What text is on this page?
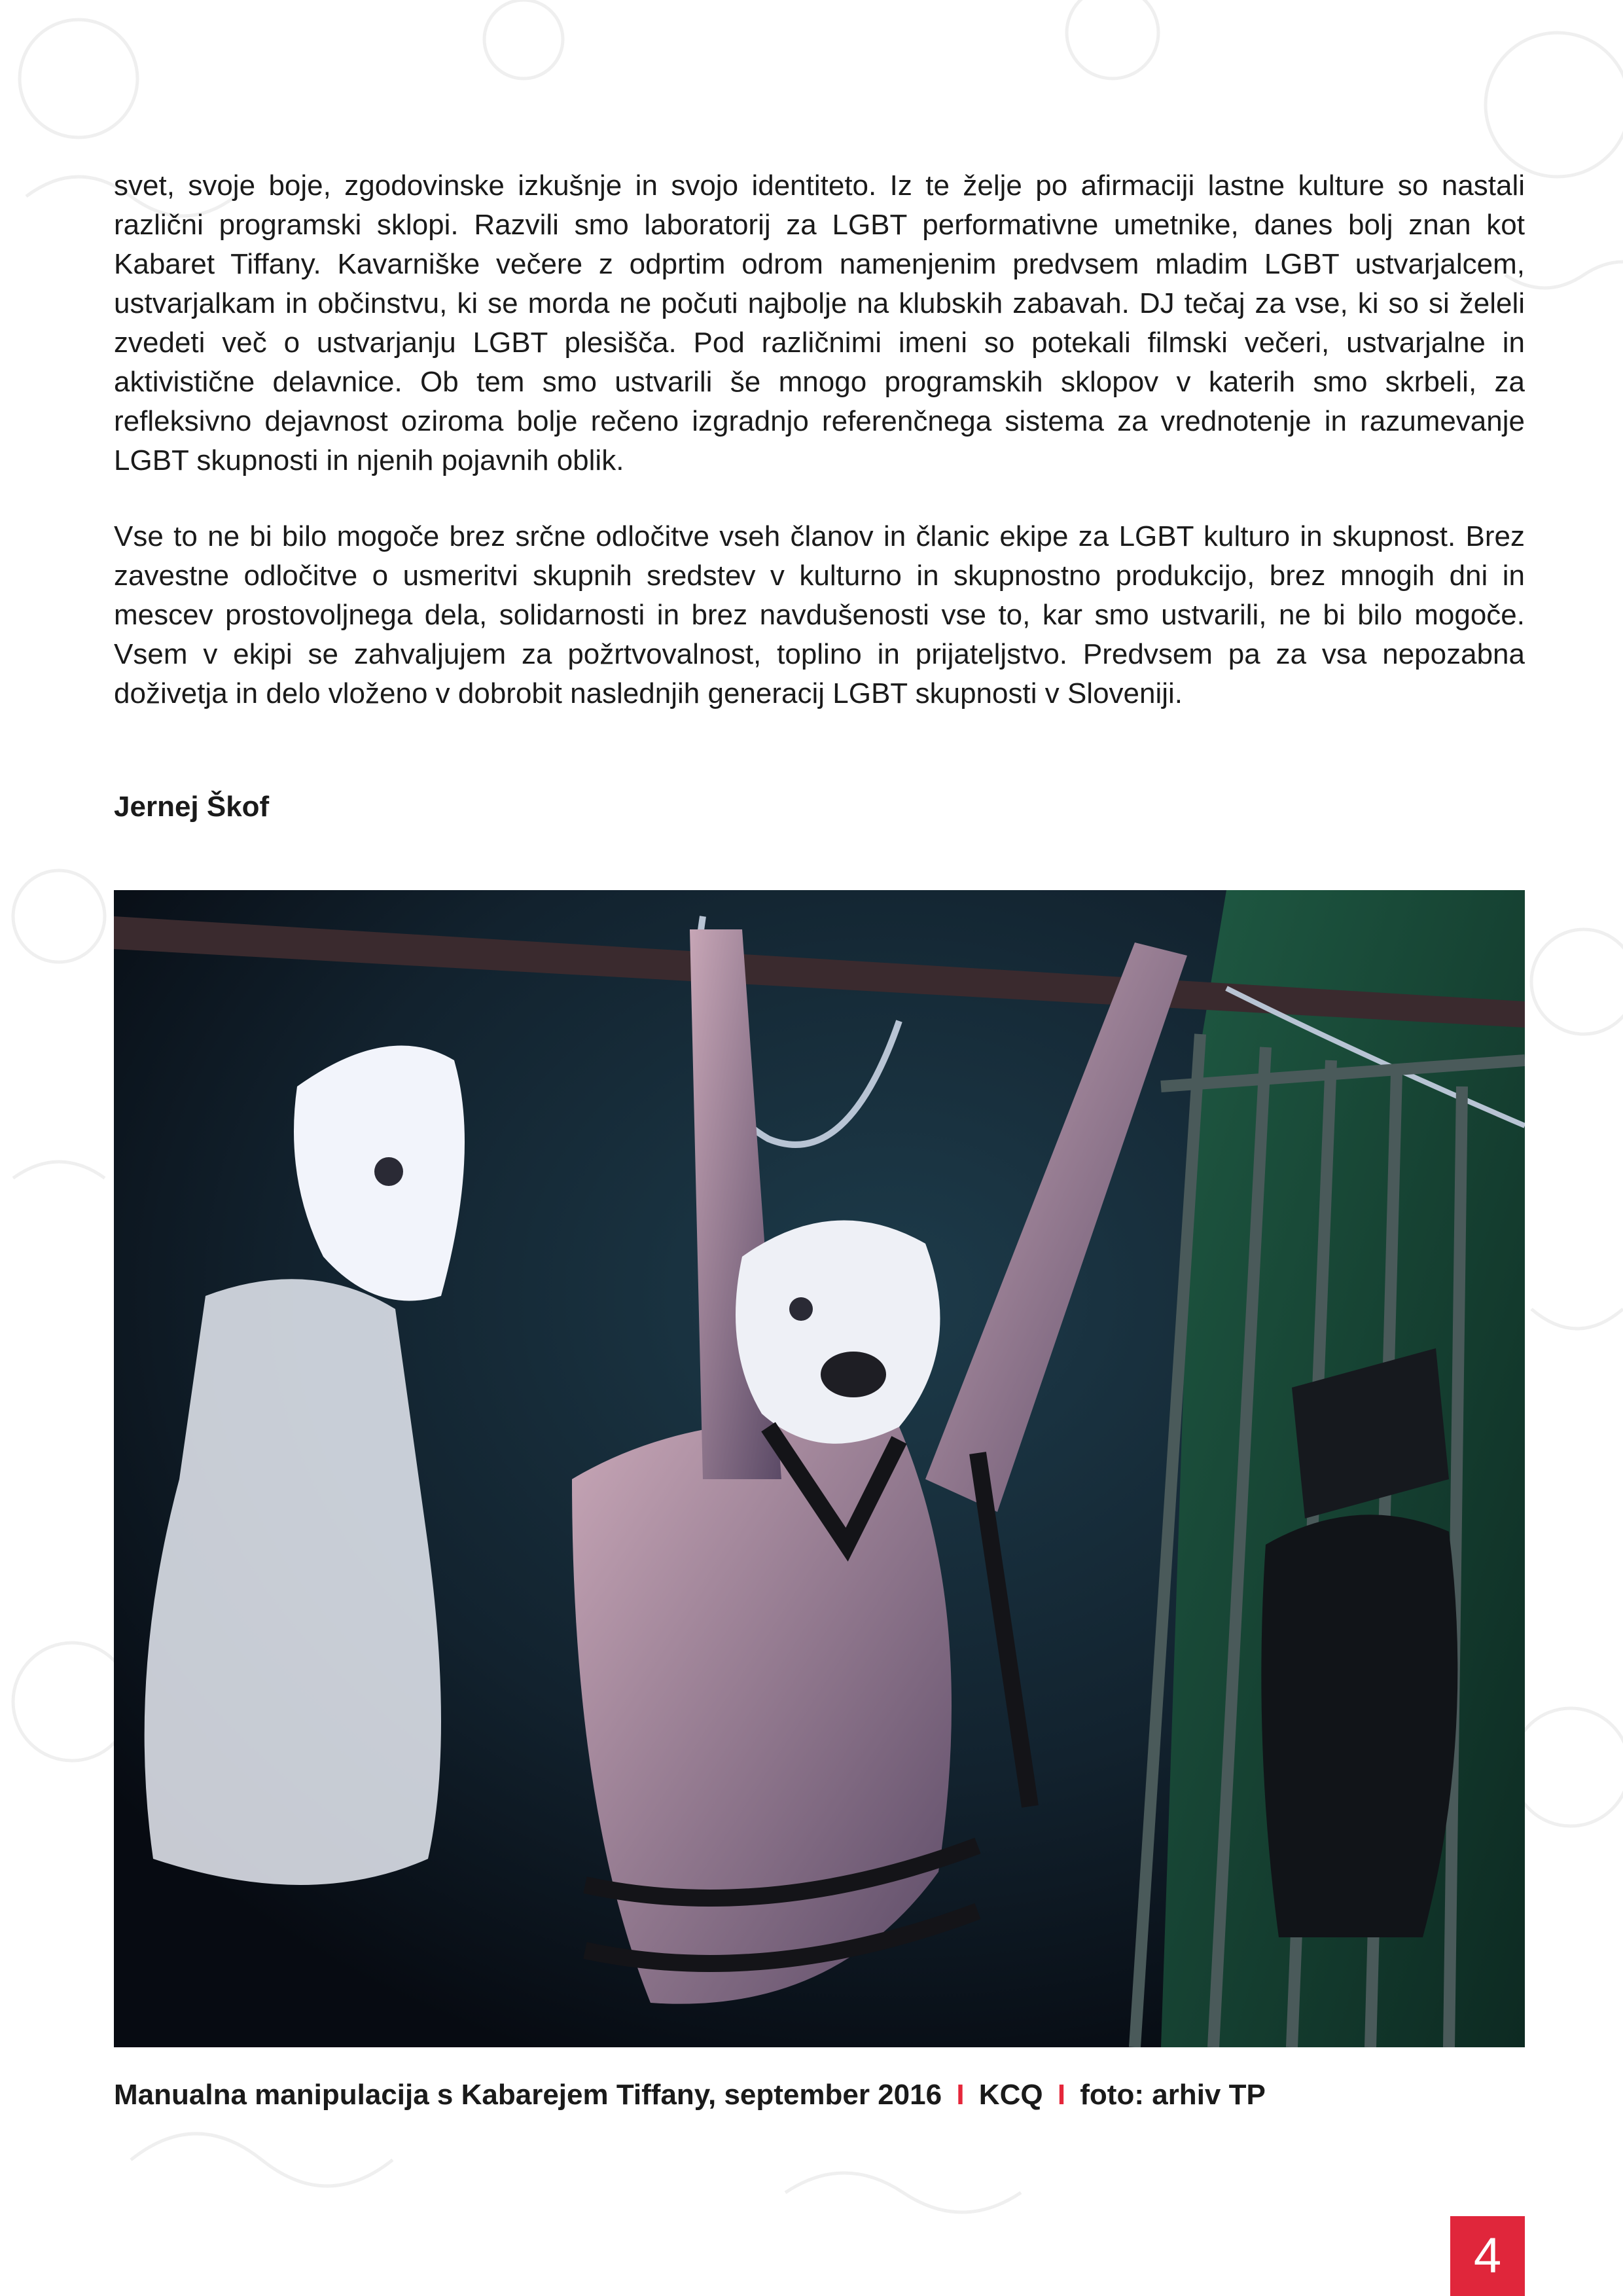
svet, svoje boje, zgodovinske izkušnje in svojo identiteto. Iz te želje po afirmaciji lastne kulture so nastali različni programski sklopi. Razvili smo laboratorij za LGBT performativne umetnike, danes bolj znan kot Kabaret Tiffany. Kavarniške večere z odprtim odrom namenjenim predvsem mladim LGBT ustvarjalcem, ustvarjalkam in občinstvu, ki se morda ne počuti najbolje na klubskih zabavah. DJ tečaj za vse, ki so si želeli zvedeti več o ustvarjanju LGBT plesišča. Pod različnimi imeni so potekali filmski večeri, ustvarjalne in aktivistične delavnice. Ob tem smo ustvarili še mnogo programskih sklopov v katerih smo skrbeli, za refleksivno dejavnost oziroma bolje rečeno izgradnjo referenčnega sistema za vrednotenje in razumevanje LGBT skupnosti in njenih pojavnih oblik.

Vse to ne bi bilo mogoče brez srčne odločitve vseh članov in članic ekipe za LGBT kulturo in skupnost. Brez zavestne odločitve o usmeritvi skupnih sredstev v kulturno in skupnostno produkcijo, brez mnogih dni in mescev prostovoljnega dela, solidarnosti in brez navdušenosti vse to, kar smo ustvarili, ne bi bilo mogoče. Vsem v ekipi se zahvaljujem za požrtvovalnost, toplino in prijateljstvo. Predvsem pa za vsa nepozabna doživetja in delo vloženo v dobrobit naslednjih generacij LGBT skupnosti v Sloveniji.

Jernej Škof
Manualna manipulacija s Kabarejem Tiffany, september 2016 I KCQ I foto: arhiv TP
4
